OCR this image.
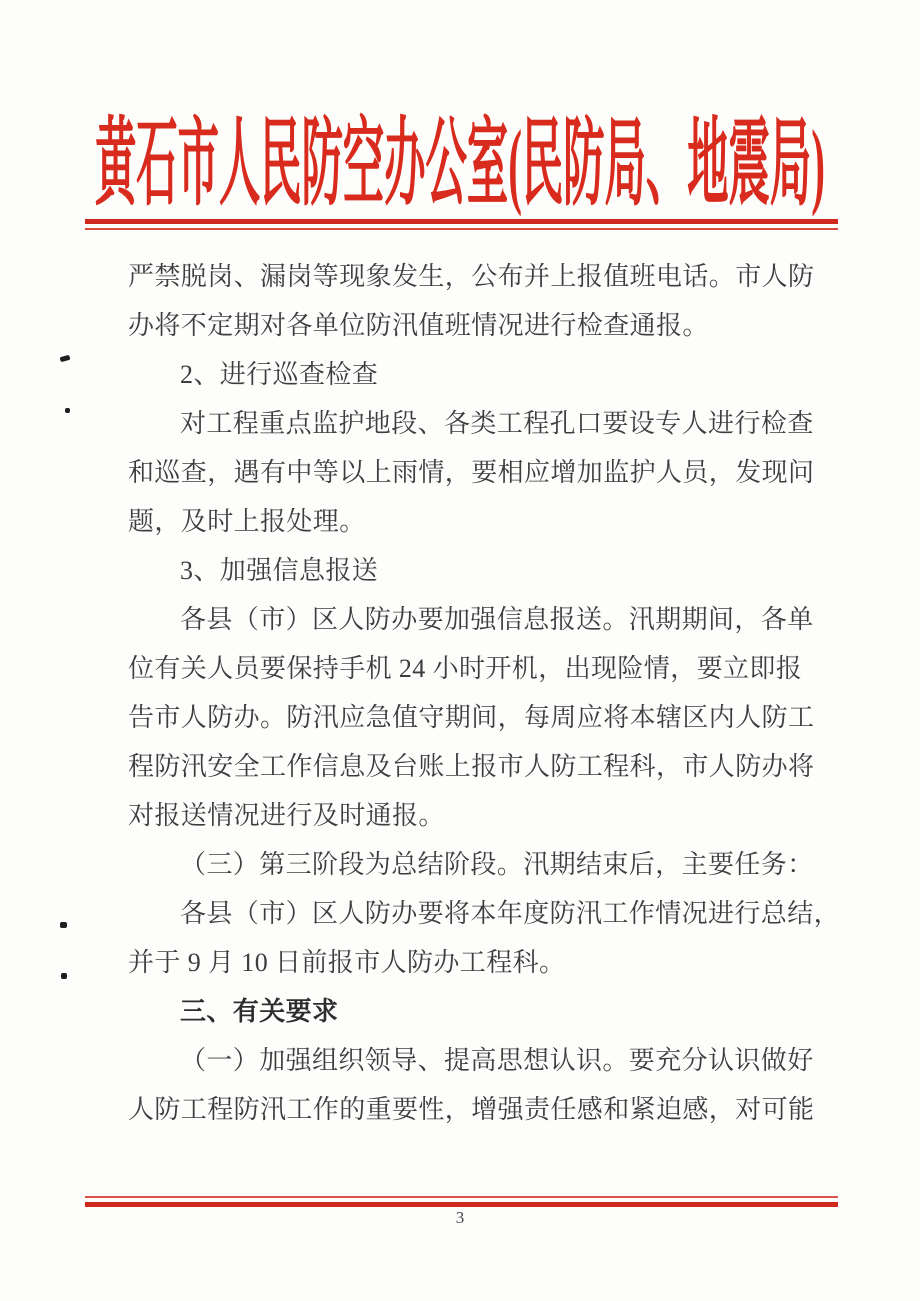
黄石市人民防空办公室(民防局、地震局)
严禁脱岗、漏岗等现象发生，公布并上报值班电话。市人防
办将不定期对各单位防汛值班情况进行检查通报。
2、进行巡查检查
对工程重点监护地段、各类工程孔口要设专人进行检查
和巡查，遇有中等以上雨情，要相应增加监护人员，发现问
题，及时上报处理。
3、加强信息报送
各县（市）区人防办要加强信息报送。汛期期间，各单
位有关人员要保持手机 24 小时开机，出现险情，要立即报
告市人防办。防汛应急值守期间，每周应将本辖区内人防工
程防汛安全工作信息及台账上报市人防工程科，市人防办将
对报送情况进行及时通报。
（三）第三阶段为总结阶段。汛期结束后，主要任务：
各县（市）区人防办要将本年度防汛工作情况进行总结，
并于 9 月 10 日前报市人防办工程科。
三、有关要求
（一）加强组织领导、提高思想认识。要充分认识做好
人防工程防汛工作的重要性，增强责任感和紧迫感，对可能
3
